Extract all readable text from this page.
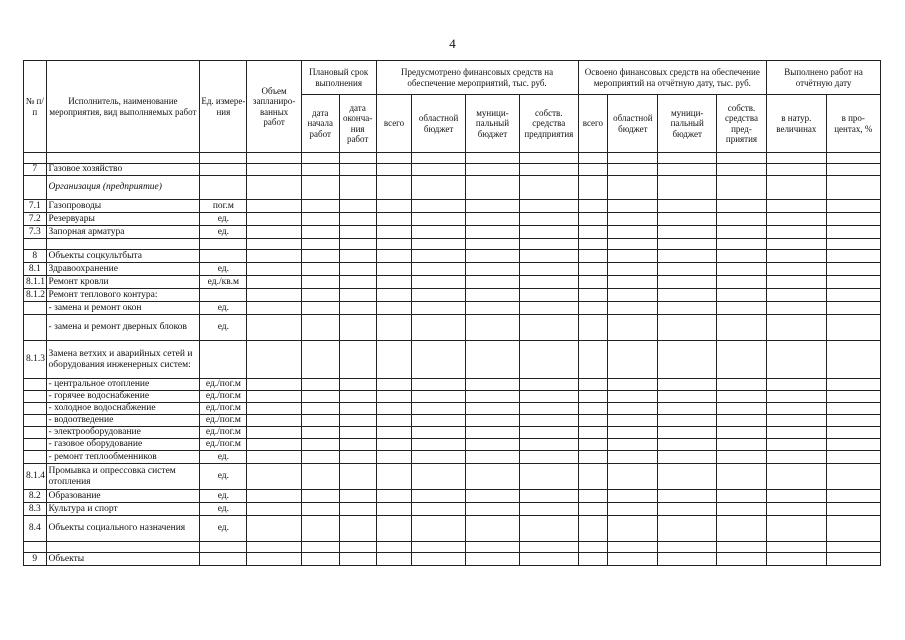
4
№ п/п	Исполнитель, наименование мероприятия, вид выполняемых работ	Ед. измере-ния	Объем запланиро-ванных работ	Плановый срок выполнения		Предусмотрено финансовых средств на обеспечение мероприятий, тыс. руб.				Освоено финансовых средств на обеспечение мероприятий на отчётную дату, тыс. руб.				Выполнено работ на отчётную дату	
				дата начала работ	дата оконча-ния работ	всего	областной бюджет	муници-пальный бюджет	собств. средства предприятия	всего	областной бюджет	муници-пальный бюджет	собств. средства пред-приятия	в натур. величинах	в про-центах, %

7	Газовое хозяйство														
	Организация (предприятие)														
7.1	Газопроводы	пог.м													
7.2	Резервуары	ед.													
7.3	Запорная арматура	ед.													

8	Объекты соцкультбыта														
8.1	Здравоохранение	ед.													
8.1.1	Ремонт кровли	ед./кв.м													
8.1.2	Ремонт теплового контура:														
	- замена и ремонт окон	ед.													
	- замена и ремонт дверных блоков	ед.													
8.1.3	Замена ветхих и аварийных сетей и оборудования инженерных систем:														
	- центральное отопление	ед./пог.м													
	- горячее водоснабжение	ед./пог.м													
	- холодное водоснабжение	ед./пог.м													
	- водоотведение	ед./пог.м													
	- электрооборудование	ед./пог.м													
	- газовое оборудование	ед./пог.м													
	- ремонт теплообменников	ед.													
8.1.4	Промывка и опрессовка систем отопления	ед.													
8.2	Образование	ед.													
8.3	Культура и спорт	ед.													
8.4	Объекты социального назначения	ед.													

9	Объекты														
